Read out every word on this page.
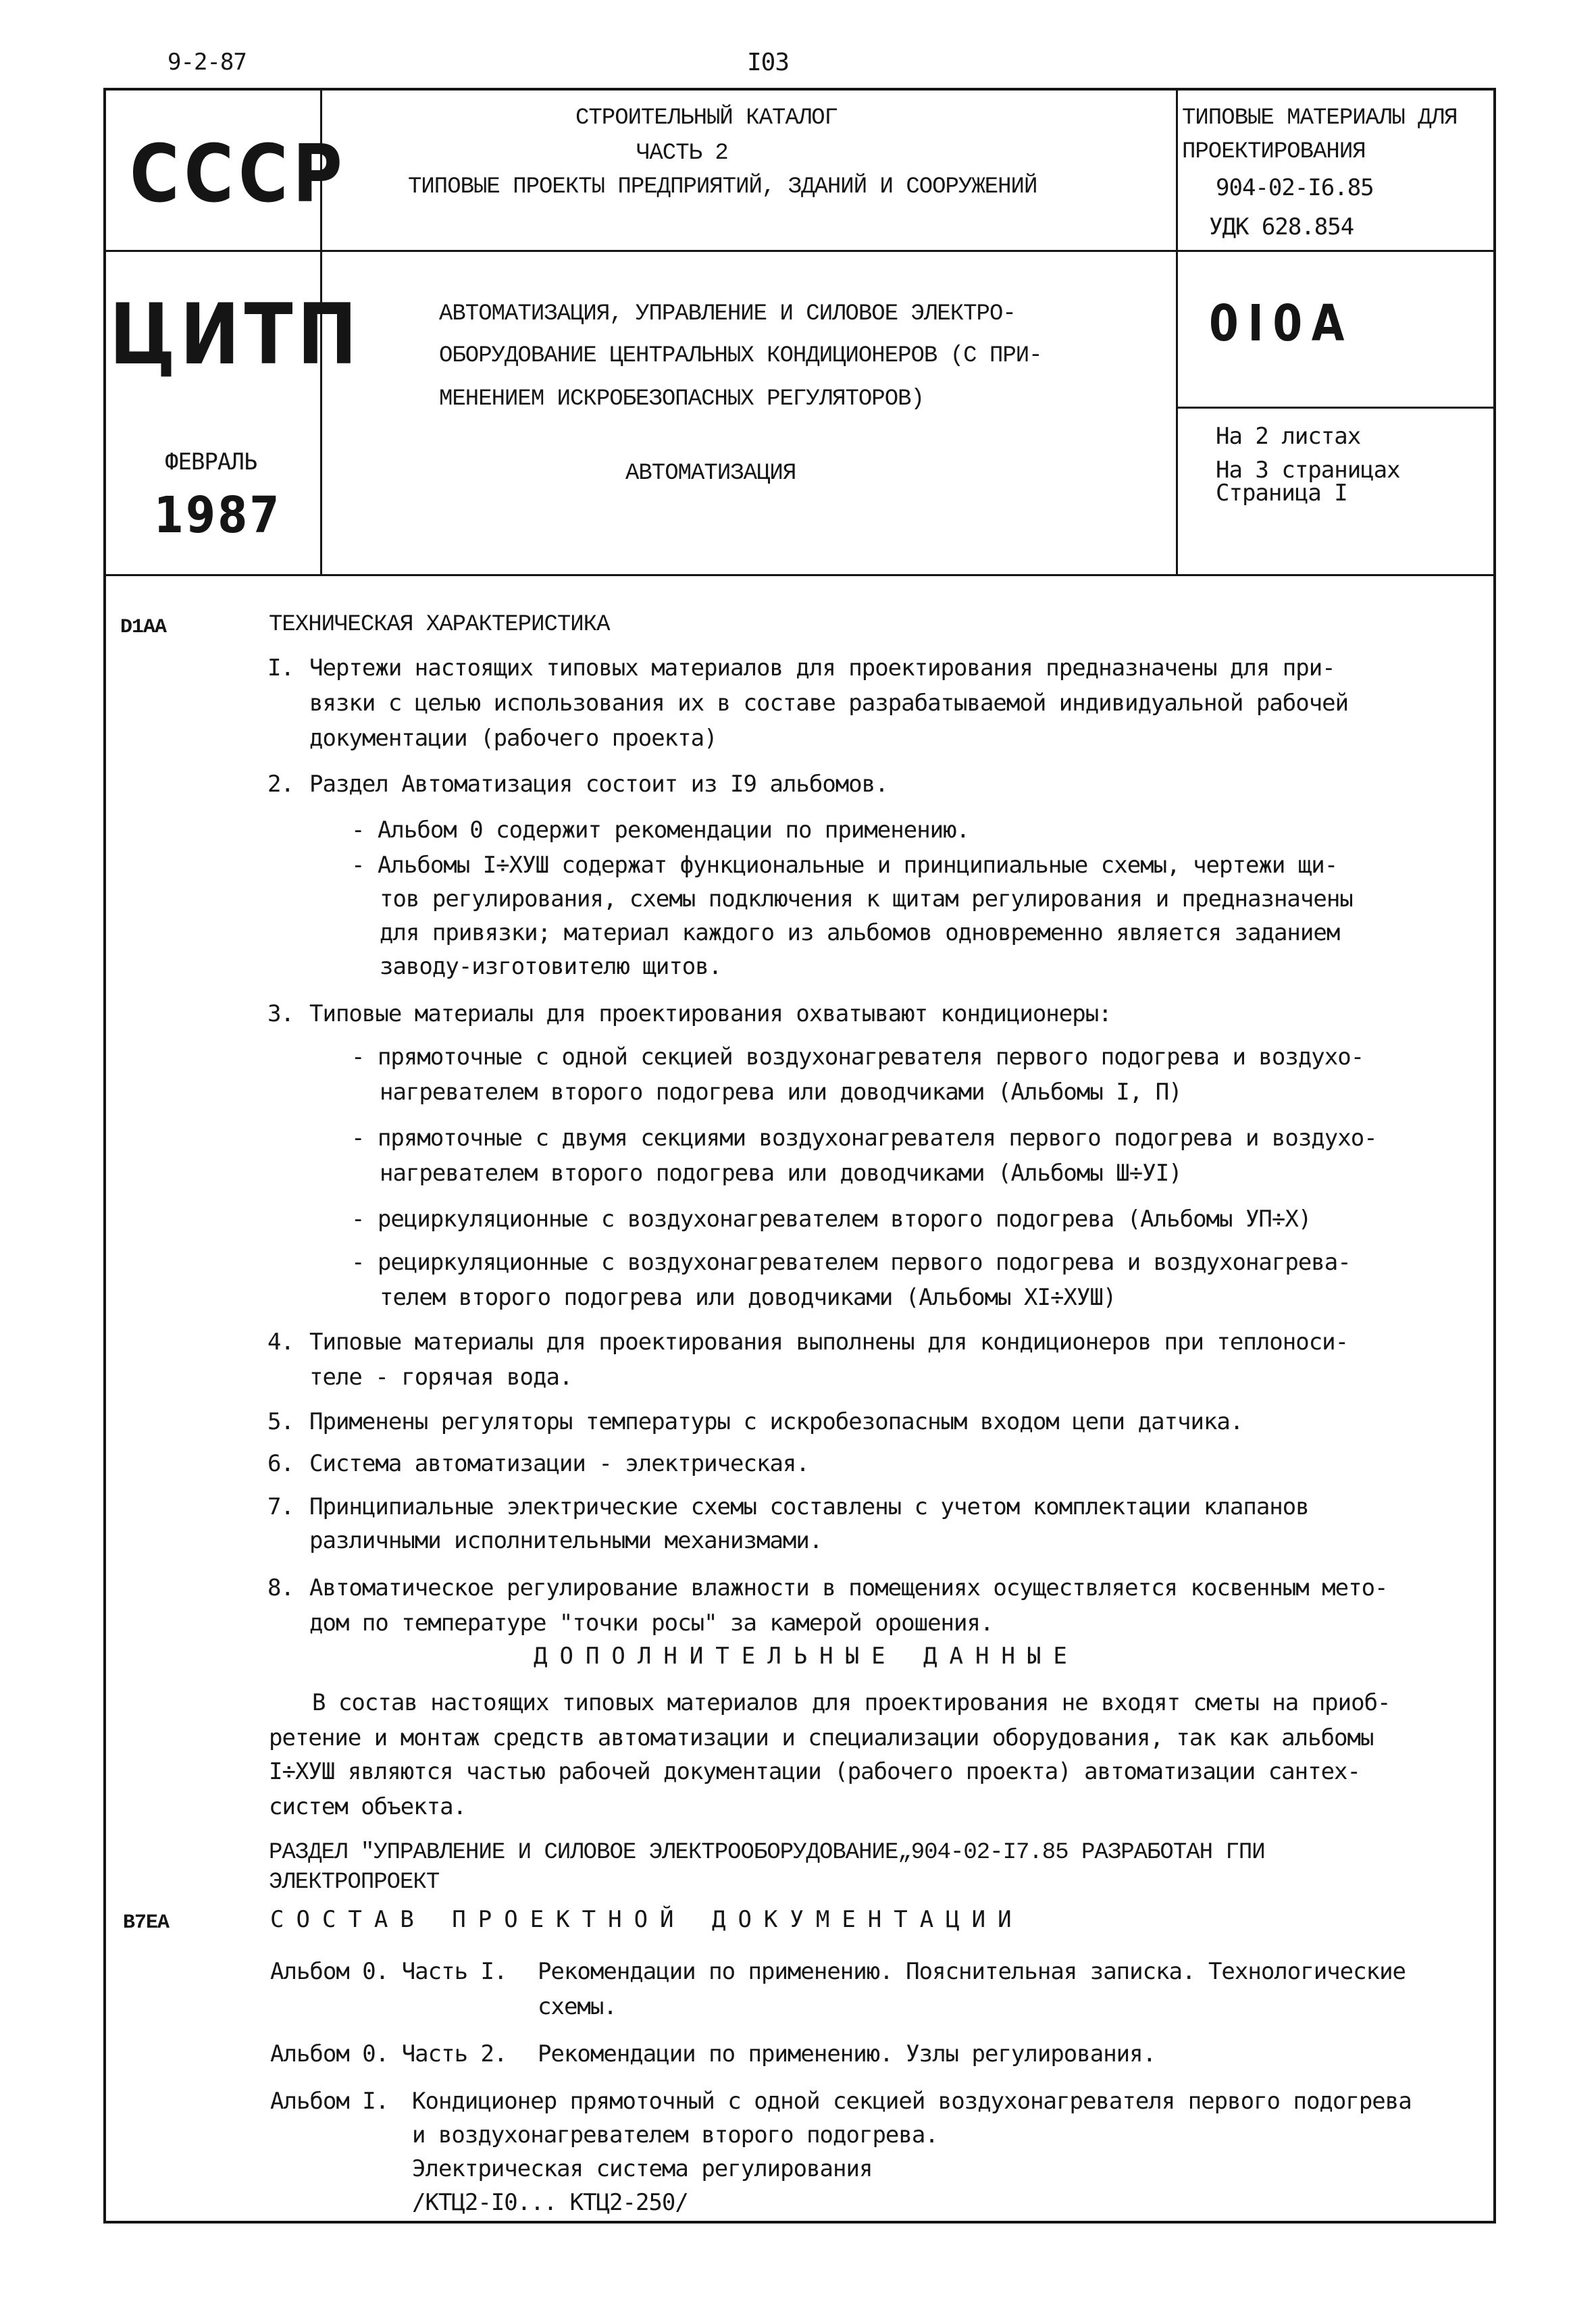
9-2-87	I03
СССР
ЦИТП
ФЕВРАЛЬ
1987
СТРОИТЕЛЬНЫЙ КАТАЛОГ
ЧАСТЬ 2
ТИПОВЫЕ ПРОЕКТЫ ПРЕДПРИЯТИЙ, ЗДАНИЙ И СООРУЖЕНИЙ
АВТОМАТИЗАЦИЯ, УПРАВЛЕНИЕ И СИЛОВОЕ ЭЛЕКТРО-
ОБОРУДОВАНИЕ ЦЕНТРАЛЬНЫХ КОНДИЦИОНЕРОВ (С ПРИ-
МЕНЕНИЕМ ИСКРОБЕЗОПАСНЫХ РЕГУЛЯТОРОВ)
АВТОМАТИЗАЦИЯ
ТИПОВЫЕ МАТЕРИАЛЫ ДЛЯ
ПРОЕКТИРОВАНИЯ
904-02-I6.85
УДК 628.854
0I0A
На 2 листах
На 3 страницах
Страница I
D1AA	ТЕХНИЧЕСКАЯ ХАРАКТЕРИСТИКА
I. Чертежи настоящих типовых материалов для проектирования предназначены для при-
вязки с целью использования их в составе разрабатываемой индивидуальной рабочей
документации (рабочего проекта)
2. Раздел Автоматизация состоит из I9 альбомов.
- Альбом 0 содержит рекомендации по применению.
- Альбомы I÷ХУШ содержат функциональные и принципиальные схемы, чертежи щи-
тов регулирования, схемы подключения к щитам регулирования и предназначены
для привязки; материал каждого из альбомов одновременно является заданием
заводу-изготовителю щитов.
3. Типовые материалы для проектирования охватывают кондиционеры:
- прямоточные с одной секцией воздухонагревателя первого подогрева и воздухо-
нагревателем второго подогрева или доводчиками (Альбомы I, П)
- прямоточные с двумя секциями воздухонагревателя первого подогрева и воздухо-
нагревателем второго подогрева или доводчиками (Альбомы Ш÷УI)
- рециркуляционные с воздухонагревателем второго подогрева (Альбомы УП÷Х)
- рециркуляционные с воздухонагревателем первого подогрева и воздухонагрева-
телем второго подогрева или доводчиками (Альбомы XI÷ХУШ)
4. Типовые материалы для проектирования выполнены для кондиционеров при теплоноси-
теле - горячая вода.
5. Применены регуляторы температуры с искробезопасным входом цепи датчика.
6. Система автоматизации - электрическая.
7. Принципиальные электрические схемы составлены с учетом комплектации клапанов
различными исполнительными механизмами.
8. Автоматическое регулирование влажности в помещениях осуществляется косвенным мето-
дом по температуре "точки росы" за камерой орошения.
ДОПОЛНИТЕЛЬНЫЕ ДАННЫЕ
В состав настоящих типовых материалов для проектирования не входят сметы на приоб-
ретение и монтаж средств автоматизации и специализации оборудования, так как альбомы
I÷ХУШ являются частью рабочей документации (рабочего проекта) автоматизации сантех-
систем объекта.
РАЗДЕЛ "УПРАВЛЕНИЕ И СИЛОВОЕ ЭЛЕКТРООБОРУДОВАНИЕ„904-02-I7.85 РАЗРАБОТАН ГПИ
ЭЛЕКТРОПРОЕКТ
B7EA	СОСТАВ ПРОЕКТНОЙ ДОКУМЕНТАЦИИ
Альбом 0. Часть I. Рекомендации по применению. Пояснительная записка. Технологические
схемы.
Альбом 0. Часть 2. Рекомендации по применению. Узлы регулирования.
Альбом I. Кондиционер прямоточный с одной секцией воздухонагревателя первого подогрева
и воздухонагревателем второго подогрева.
Электрическая система регулирования
/КТЦ2-I0... КТЦ2-250/
